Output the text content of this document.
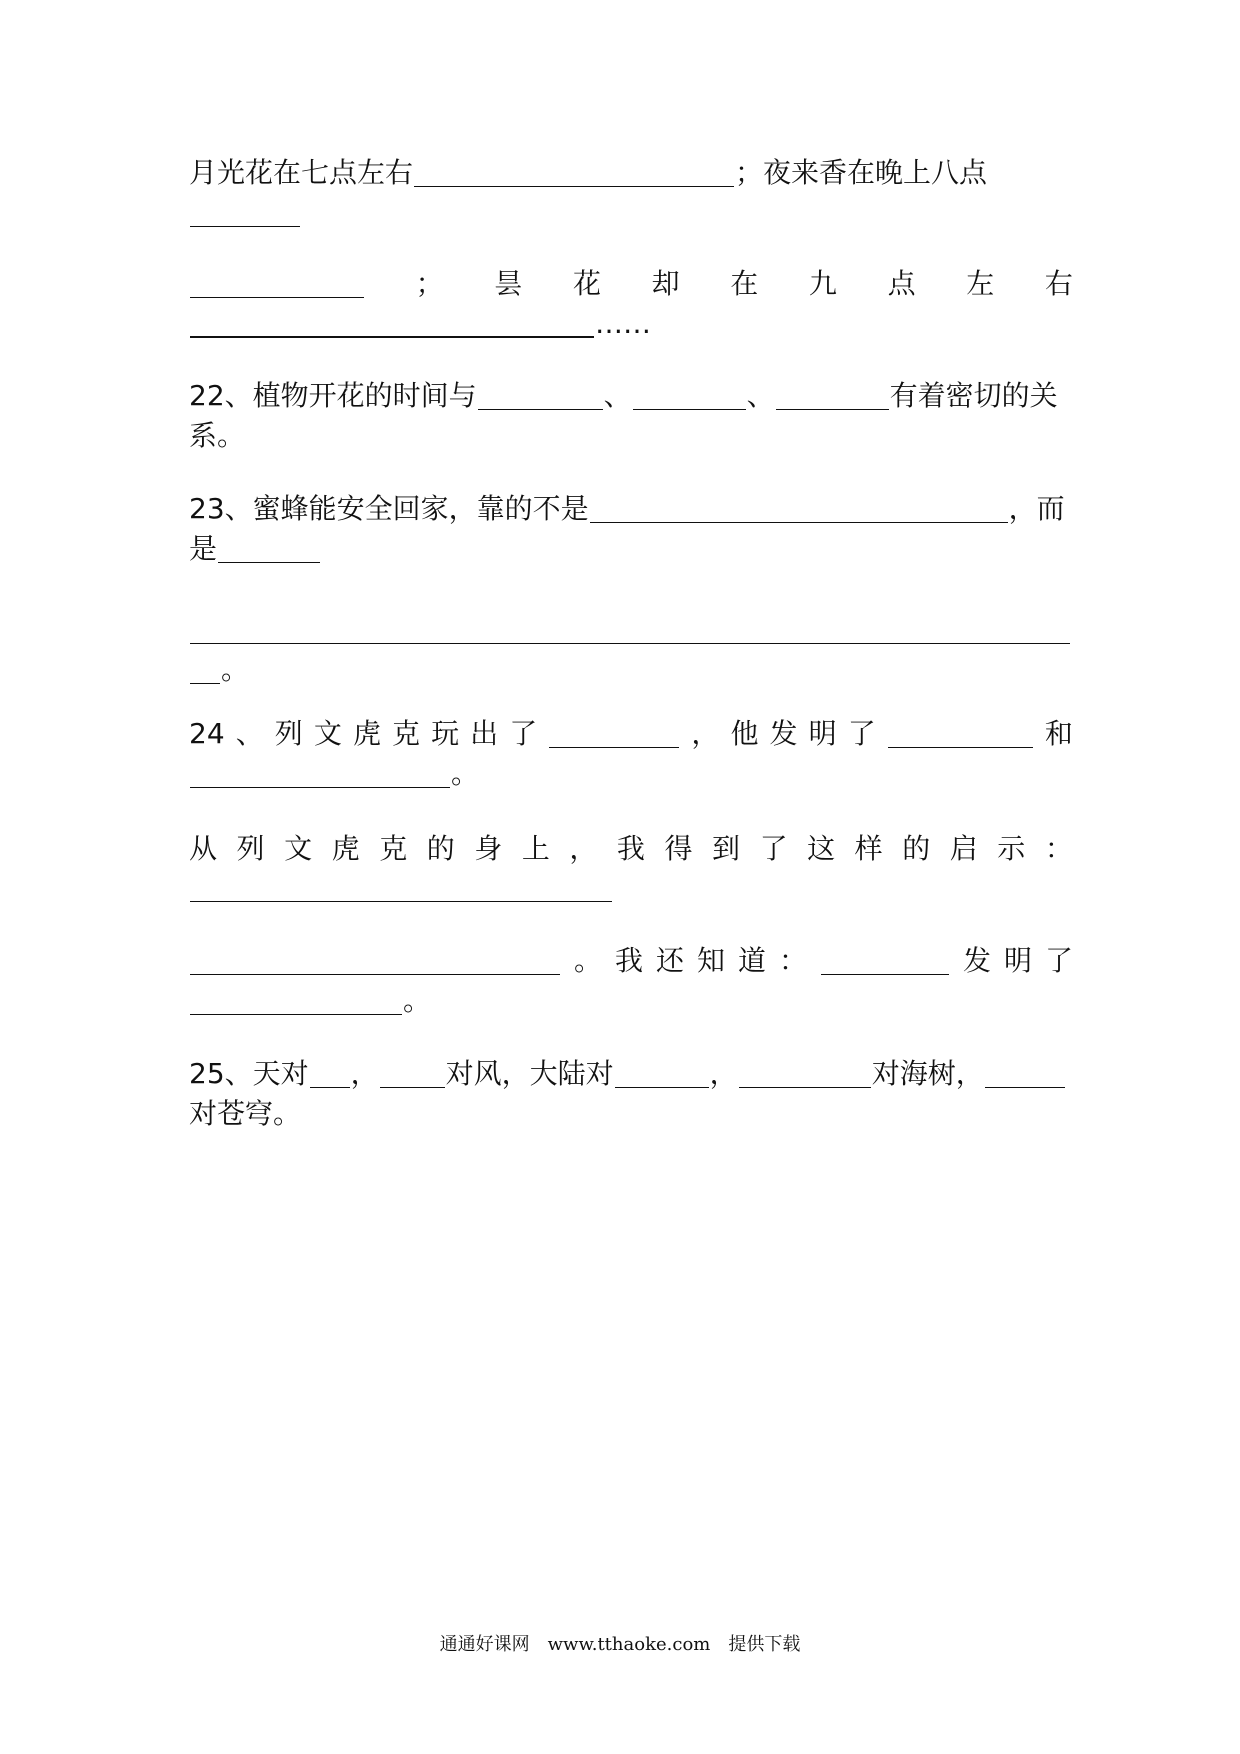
月光花在七点左右	；夜来香在晚上八点
； 昙 花 却 在 九 点 左 右
……
22、植物开花的时间与	、	、	有着密切的关
系。
23、蜜蜂能安全回家，靠的不是	，而
是
。
24 、 列 文 虎 克 玩 出 了	， 他 发 明 了	和
。
从 列 文 虎 克 的 身 上 ， 我 得 到 了 这 样 的 启 示 ：
。 我 还 知 道 ：	发 明 了
。
25、天对 ， 对风，大陆对	，	对海树，
对苍穹。
通通好课网　www.tthaoke.com　提供下载
